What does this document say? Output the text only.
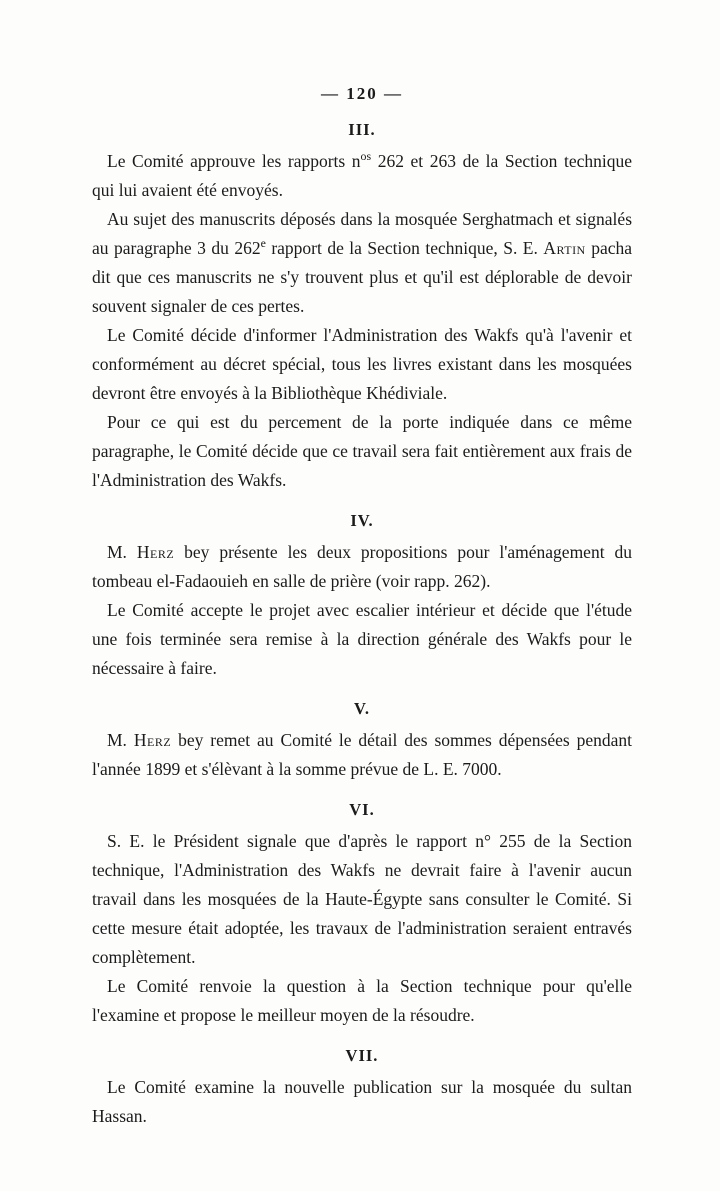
— 120 —
III.

Le Comité approuve les rapports $n^{os}$ 262 et 263 de la Section technique qui lui avaient été envoyés.

Au sujet des manuscrits déposés dans la mosquée Serghatmach et signalés au paragraphe 3 du 262e rapport de la Section technique, S. E. Artin pacha dit que ces manuscrits ne s'y trouvent plus et qu'il est déplorable de devoir souvent signaler de ces pertes.

Le Comité décide d'informer l'Administration des Wakfs qu'à l'avenir et conformément au décret spécial, tous les livres existant dans les mosquées devront être envoyés à la Bibliothèque Khédiviale.

Pour ce qui est du percement de la porte indiquée dans ce même paragraphe, le Comité décide que ce travail sera fait entièrement aux frais de l'Administration des Wakfs.

IV.

M. Herz bey présente les deux propositions pour l'aménagement du tombeau el-Fadaouieh en salle de prière (voir rapp. 262).

Le Comité accepte le projet avec escalier intérieur et décide que l'étude une fois terminée sera remise à la direction générale des Wakfs pour le nécessaire à faire.

V.

M. Herz bey remet au Comité le détail des sommes dépensées pendant l'année 1899 et s'élèvant à la somme prévue de L. E. 7000.

VI.

S. E. le Président signale que d'après le rapport n° 255 de la Section technique, l'Administration des Wakfs ne devrait faire à l'avenir aucun travail dans les mosquées de la Haute-Égypte sans consulter le Comité. Si cette mesure était adoptée, les travaux de l'administration seraient entravés complètement.

Le Comité renvoie la question à la Section technique pour qu'elle l'examine et propose le meilleur moyen de la résoudre.

VII.

Le Comité examine la nouvelle publication sur la mosquée du sultan Hassan.
